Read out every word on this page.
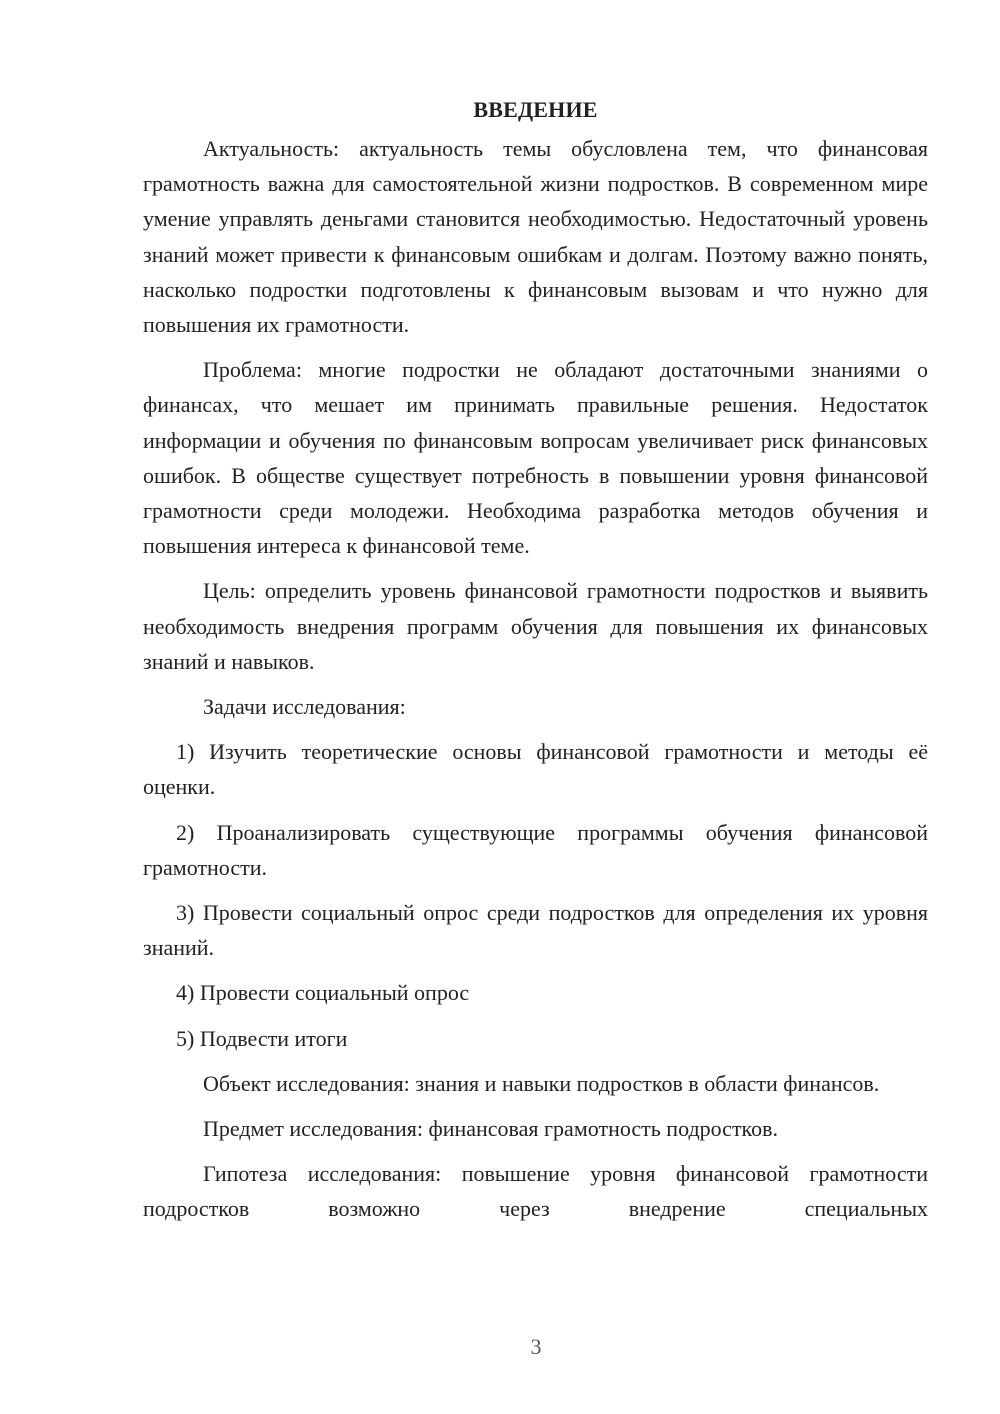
ВВЕДЕНИЕ

Актуальность: актуальность темы обусловлена тем, что финансовая грамотность важна для самостоятельной жизни подростков. В современном мире умение управлять деньгами становится необходимостью. Недостаточный уровень знаний может привести к финансовым ошибкам и долгам. Поэтому важно понять, насколько подростки подготовлены к финансовым вызовам и что нужно для повышения их грамотности.

Проблема: многие подростки не обладают достаточными знаниями о финансах, что мешает им принимать правильные решения. Недостаток информации и обучения по финансовым вопросам увеличивает риск финансовых ошибок. В обществе существует потребность в повышении уровня финансовой грамотности среди молодежи. Необходима разработка методов обучения и повышения интереса к финансовой теме.

Цель: определить уровень финансовой грамотности подростков и выявить необходимость внедрения программ обучения для повышения их финансовых знаний и навыков.

Задачи исследования:

1) Изучить теоретические основы финансовой грамотности и методы её оценки.

2) Проанализировать существующие программы обучения финансовой грамотности.

3) Провести социальный опрос среди подростков для определения их уровня знаний.

4) Провести социальный опрос

5) Подвести итоги

Объект исследования: знания и навыки подростков в области финансов.

Предмет исследования: финансовая грамотность подростков.

Гипотеза исследования: повышение уровня финансовой грамотности подростков возможно через внедрение специальных

3
